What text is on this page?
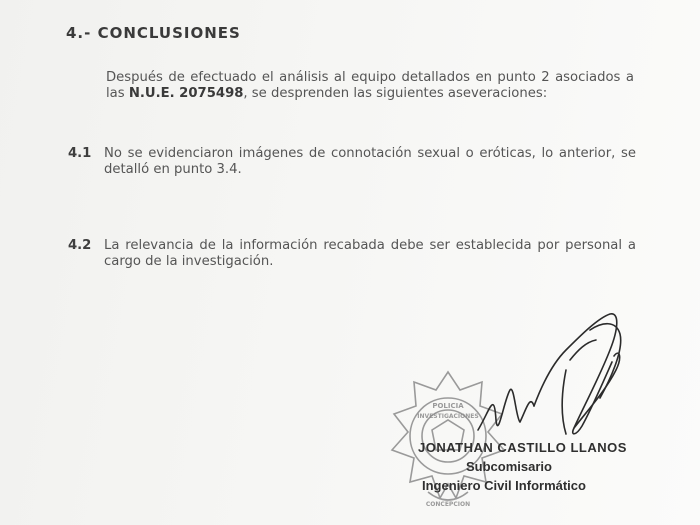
4.- CONCLUSIONES
Después de efectuado el análisis al equipo detallados en punto 2 asociados a las N.U.E. 2075498, se desprenden las siguientes aseveraciones:
4.1 No se evidenciaron imágenes de connotación sexual o eróticas, lo anterior, se detalló en punto 3.4.
4.2 La relevancia de la información recabada debe ser establecida por personal a cargo de la investigación.
POLICIA
INVESTIGACIONES
CONCEPCION
JONATHAN CASTILLO LLANOS
Subcomisario
Ingeniero Civil Informático
